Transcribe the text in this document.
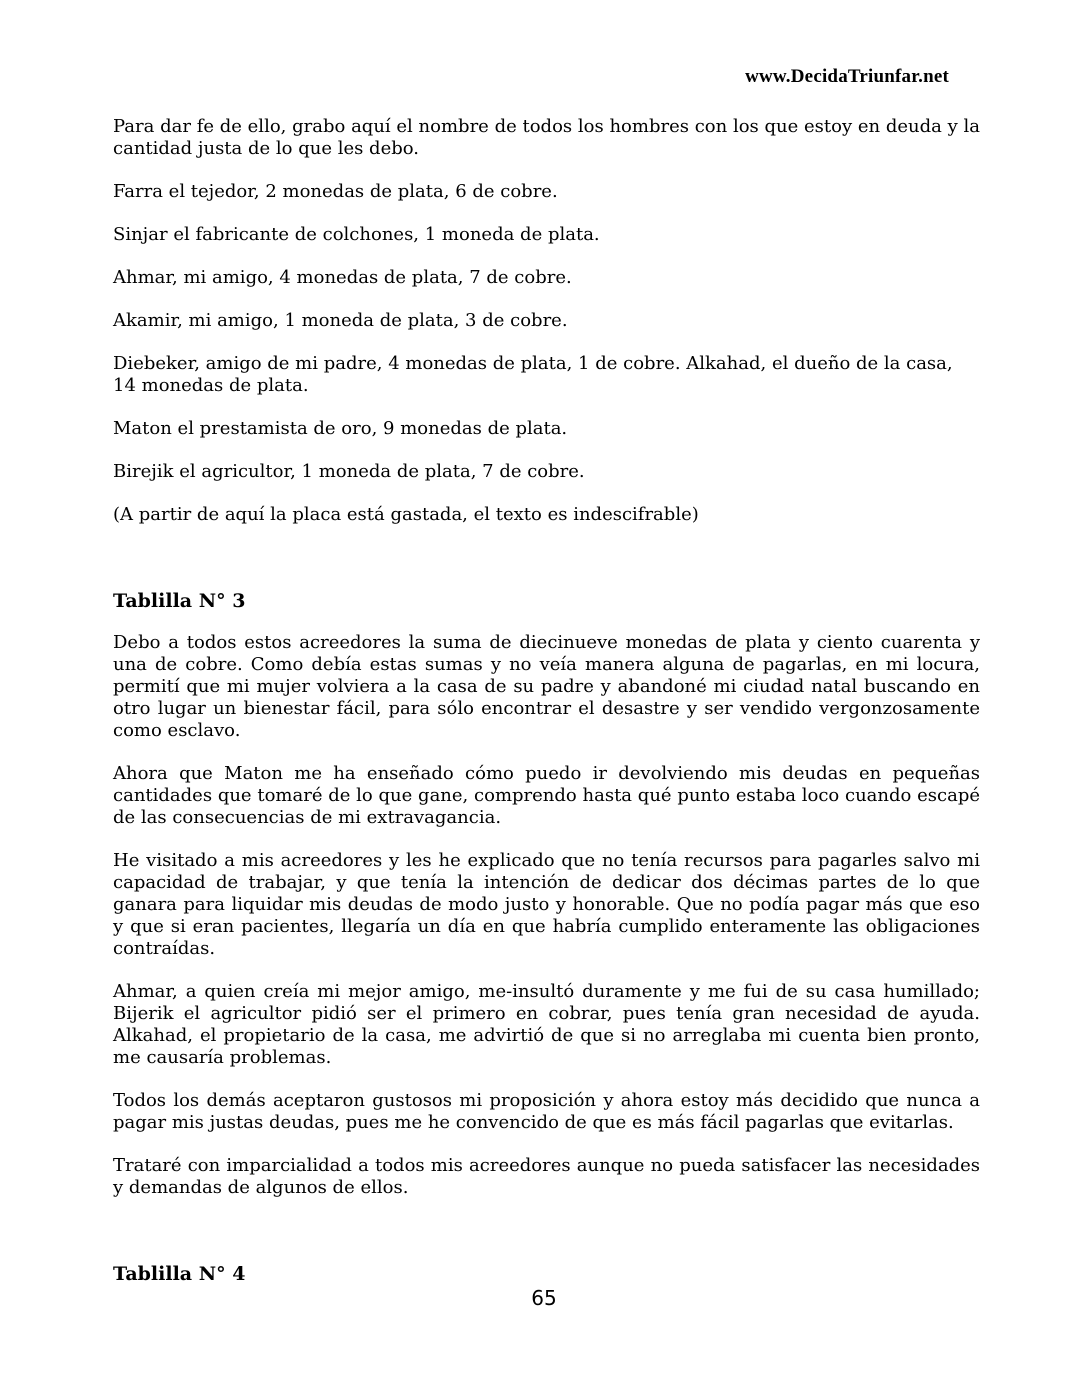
www.DecidaTriunfar.net

Para dar fe de ello, grabo aquí el nombre de todos los hombres con los que estoy en deuda y la cantidad justa de lo que les debo.

Farra el tejedor, 2 monedas de plata, 6 de cobre.

Sinjar el fabricante de colchones, 1 moneda de plata.

Ahmar, mi amigo, 4 monedas de plata, 7 de cobre.

Akamir, mi amigo, 1 moneda de plata, 3 de cobre.

Diebeker, amigo de mi padre, 4 monedas de plata, 1 de cobre. Alkahad, el dueño de la casa, 14 monedas de plata.

Maton el prestamista de oro, 9 monedas de plata.

Birejik el agricultor, 1 moneda de plata, 7 de cobre.

(A partir de aquí la placa está gastada, el texto es indescifrable)

Tablilla N° 3

Debo a todos estos acreedores la suma de diecinueve monedas de plata y ciento cuarenta y una de cobre. Como debía estas sumas y no veía manera alguna de pagarlas, en mi locura, permití que mi mujer volviera a la casa de su padre y abandoné mi ciudad natal buscando en otro lugar un bienestar fácil, para sólo encontrar el desastre y ser vendido vergonzosamente como esclavo.

Ahora que Maton me ha enseñado cómo puedo ir devolviendo mis deudas en pequeñas cantidades que tomaré de lo que gane, comprendo hasta qué punto estaba loco cuando escapé de las consecuencias de mi extravagancia.

He visitado a mis acreedores y les he explicado que no tenía recursos para pagarles salvo mi capacidad de trabajar, y que tenía la intención de dedicar dos décimas partes de lo que ganara para liquidar mis deudas de modo justo y honorable. Que no podía pagar más que eso y que si eran pacientes, llegaría un día en que habría cumplido enteramente las obligaciones contraídas.

Ahmar, a quien creía mi mejor amigo, me-insultó duramente y me fui de su casa humillado; Bijerik el agricultor pidió ser el primero en cobrar, pues tenía gran necesidad de ayuda. Alkahad, el propietario de la casa, me advirtió de que si no arreglaba mi cuenta bien pronto, me causaría problemas.

Todos los demás aceptaron gustosos mi proposición y ahora estoy más decidido que nunca a pagar mis justas deudas, pues me he convencido de que es más fácil pagarlas que evitarlas.

Trataré con imparcialidad a todos mis acreedores aunque no pueda satisfacer las necesidades y demandas de algunos de ellos.

Tablilla N° 4
65
